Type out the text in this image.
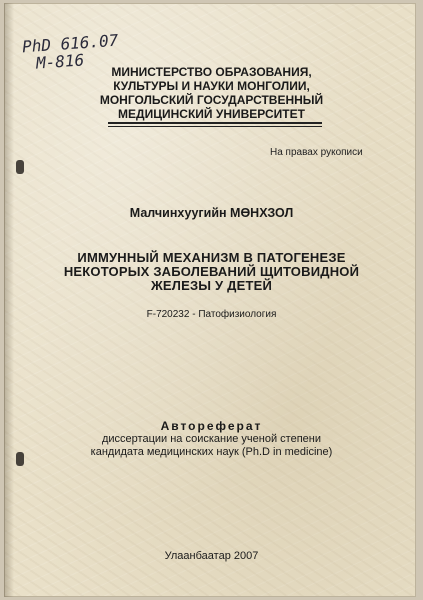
PhD 616.07
M-816	МИНИСТЕРСТВО ОБРАЗОВАНИЯ,
КУЛЬТУРЫ И НАУКИ МОНГОЛИИ,
МОНГОЛЬСКИЙ ГОСУДАРСТВЕННЫЙ
МЕДИЦИНСКИЙ УНИВЕРСИТЕТ
На правах рукописи
Малчинхуугийн МӨНХЗОЛ
ИММУННЫЙ МЕХАНИЗМ В ПАТОГЕНЕЗЕ
НЕКОТОРЫХ ЗАБОЛЕВАНИЙ ЩИТОВИДНОЙ
ЖЕЛЕЗЫ У ДЕТЕЙ
F-720232 - Патофизиология
Автореферат
диссертации на соискание ученой степени
кандидата медицинских наук (Ph.D in medicine)
Улаанбаатар 2007
